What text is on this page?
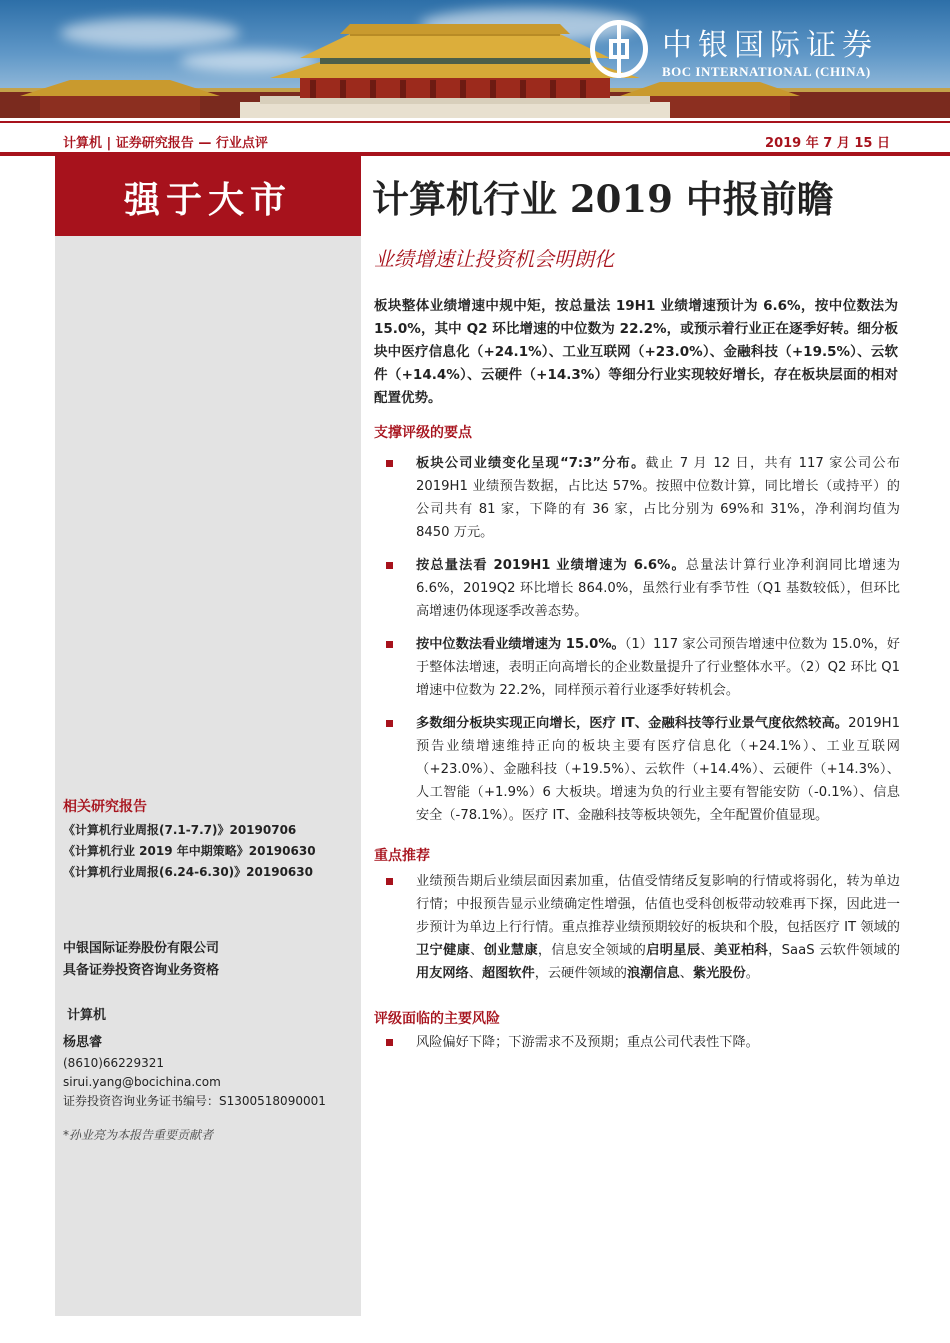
中银国际证券
BOC INTERNATIONAL (CHINA)
计算机 | 证券研究报告 — 行业点评	2019 年 7 月 15 日
强于大市
相关研究报告
《计算机行业周报(7.1-7.7)》20190706
《计算机行业 2019 年中期策略》20190630
《计算机行业周报(6.24-6.30)》20190630
中银国际证券股份有限公司
具备证券投资咨询业务资格
计算机
杨思睿
(8610)66229321
sirui.yang@bocichina.com
证券投资咨询业务证书编号：S1300518090001
*孙业亮为本报告重要贡献者
计算机行业 2019 中报前瞻
业绩增速让投资机会明朗化
板块整体业绩增速中规中矩，按总量法 19H1 业绩增速预计为 6.6%，按中位数法为 15.0%，其中 Q2 环比增速的中位数为 22.2%，或预示着行业正在逐季好转。细分板块中医疗信息化（+24.1%）、工业互联网（+23.0%）、金融科技（+19.5%）、云软件（+14.4%）、云硬件（+14.3%）等细分行业实现较好增长，存在板块层面的相对配置优势。
支撑评级的要点
板块公司业绩变化呈现“7:3”分布。截止 7 月 12 日，共有 117 家公司公布 2019H1 业绩预告数据，占比达 57%。按照中位数计算，同比增长（或持平）的公司共有 81 家，下降的有 36 家，占比分别为 69%和 31%，净利润均值为 8450 万元。
按总量法看 2019H1 业绩增速为 6.6%。总量法计算行业净利润同比增速为 6.6%，2019Q2 环比增长 864.0%，虽然行业有季节性（Q1 基数较低），但环比高增速仍体现逐季改善态势。
按中位数法看业绩增速为 15.0%。（1）117 家公司预告增速中位数为 15.0%，好于整体法增速，表明正向高增长的企业数量提升了行业整体水平。（2）Q2 环比 Q1 增速中位数为 22.2%，同样预示着行业逐季好转机会。
多数细分板块实现正向增长，医疗 IT、金融科技等行业景气度依然较高。2019H1 预告业绩增速维持正向的板块主要有医疗信息化（+24.1%）、工业互联网（+23.0%）、金融科技（+19.5%）、云软件（+14.4%）、云硬件（+14.3%）、人工智能（+1.9%）6 大板块。增速为负的行业主要有智能安防（-0.1%）、信息安全（-78.1%）。医疗 IT、金融科技等板块领先，全年配置价值显现。
重点推荐
业绩预告期后业绩层面因素加重，估值受情绪反复影响的行情或将弱化，转为单边行情；中报预告显示业绩确定性增强，估值也受科创板带动较难再下探，因此进一步预计为单边上行行情。重点推荐业绩预期较好的板块和个股，包括医疗 IT 领域的卫宁健康、创业慧康，信息安全领域的启明星辰、美亚柏科，SaaS 云软件领域的用友网络、超图软件，云硬件领域的浪潮信息、紫光股份。
评级面临的主要风险
风险偏好下降；下游需求不及预期；重点公司代表性下降。
